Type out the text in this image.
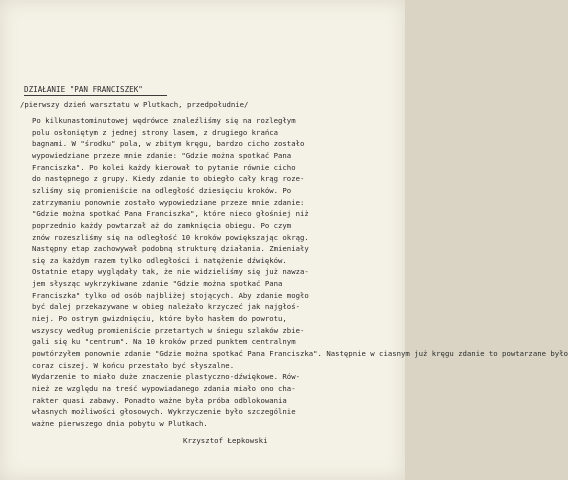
DZIAŁANIE "PAN FRANCISZEK"
/pierwszy dzień warsztatu w Plutkach, przedpołudnie/
Po kilkunastominutowej wędrówce znaleźliśmy się na rozległym
polu osłoniętym z jednej strony lasem, z drugiego krańca
bagnami. W "środku" pola, w zbitym kręgu, bardzo cicho zostało
wypowiedziane przeze mnie zdanie: "Gdzie można spotkać Pana
Franciszka". Po kolei każdy kierował to pytanie równie cicho
do następnego z grupy. Kiedy zdanie to obiegło cały krąg roze-
szliśmy się promieniście na odległość dziesięciu kroków. Po
zatrzymaniu ponownie zostało wypowiedziane przeze mnie zdanie:
"Gdzie można spotkać Pana Franciszka", które nieco głośniej niż
poprzednio każdy powtarzał aż do zamknięcia obiegu. Po czym
znów rozeszliśmy się na odległość 10 kroków powiększając okrąg.
Następny etap zachowywał podobną strukturę działania. Zmieniały
się za każdym razem tylko odległości i natężenie dźwięków.
Ostatnie etapy wyglądały tak, że nie widzieliśmy się już nawza-
jem słysząc wykrzykiwane zdanie "Gdzie można spotkać Pana
Franciszka" tylko od osób najbliżej stojących. Aby zdanie mogło
być dalej przekazywane w obieg należało krzyczeć jak najgłoś-
niej. Po ostrym gwizdnięciu, które było hasłem do powrotu,
wszyscy według promieniście przetartych w śniegu szlaków zbie-
gali się ku "centrum". Na 10 kroków przed punktem centralnym
powtórzyłem ponownie zdanie "Gdzie można spotkać Pana Franciszka". Następnie w ciasnym już kręgu zdanie to powtarzane było
coraz ciszej. W końcu przestało być słyszalne.
Wydarzenie to miało duże znaczenie plastyczno-dźwiękowe. Rów-
nież ze względu na treść wypowiadanego zdania miało ono cha-
rakter quasi zabawy. Ponadto ważne była próba odblokowania
własnych możliwości głosowych. Wykrzyczenie było szczególnie
ważne pierwszego dnia pobytu w Plutkach.
Krzysztof Łepkowski
